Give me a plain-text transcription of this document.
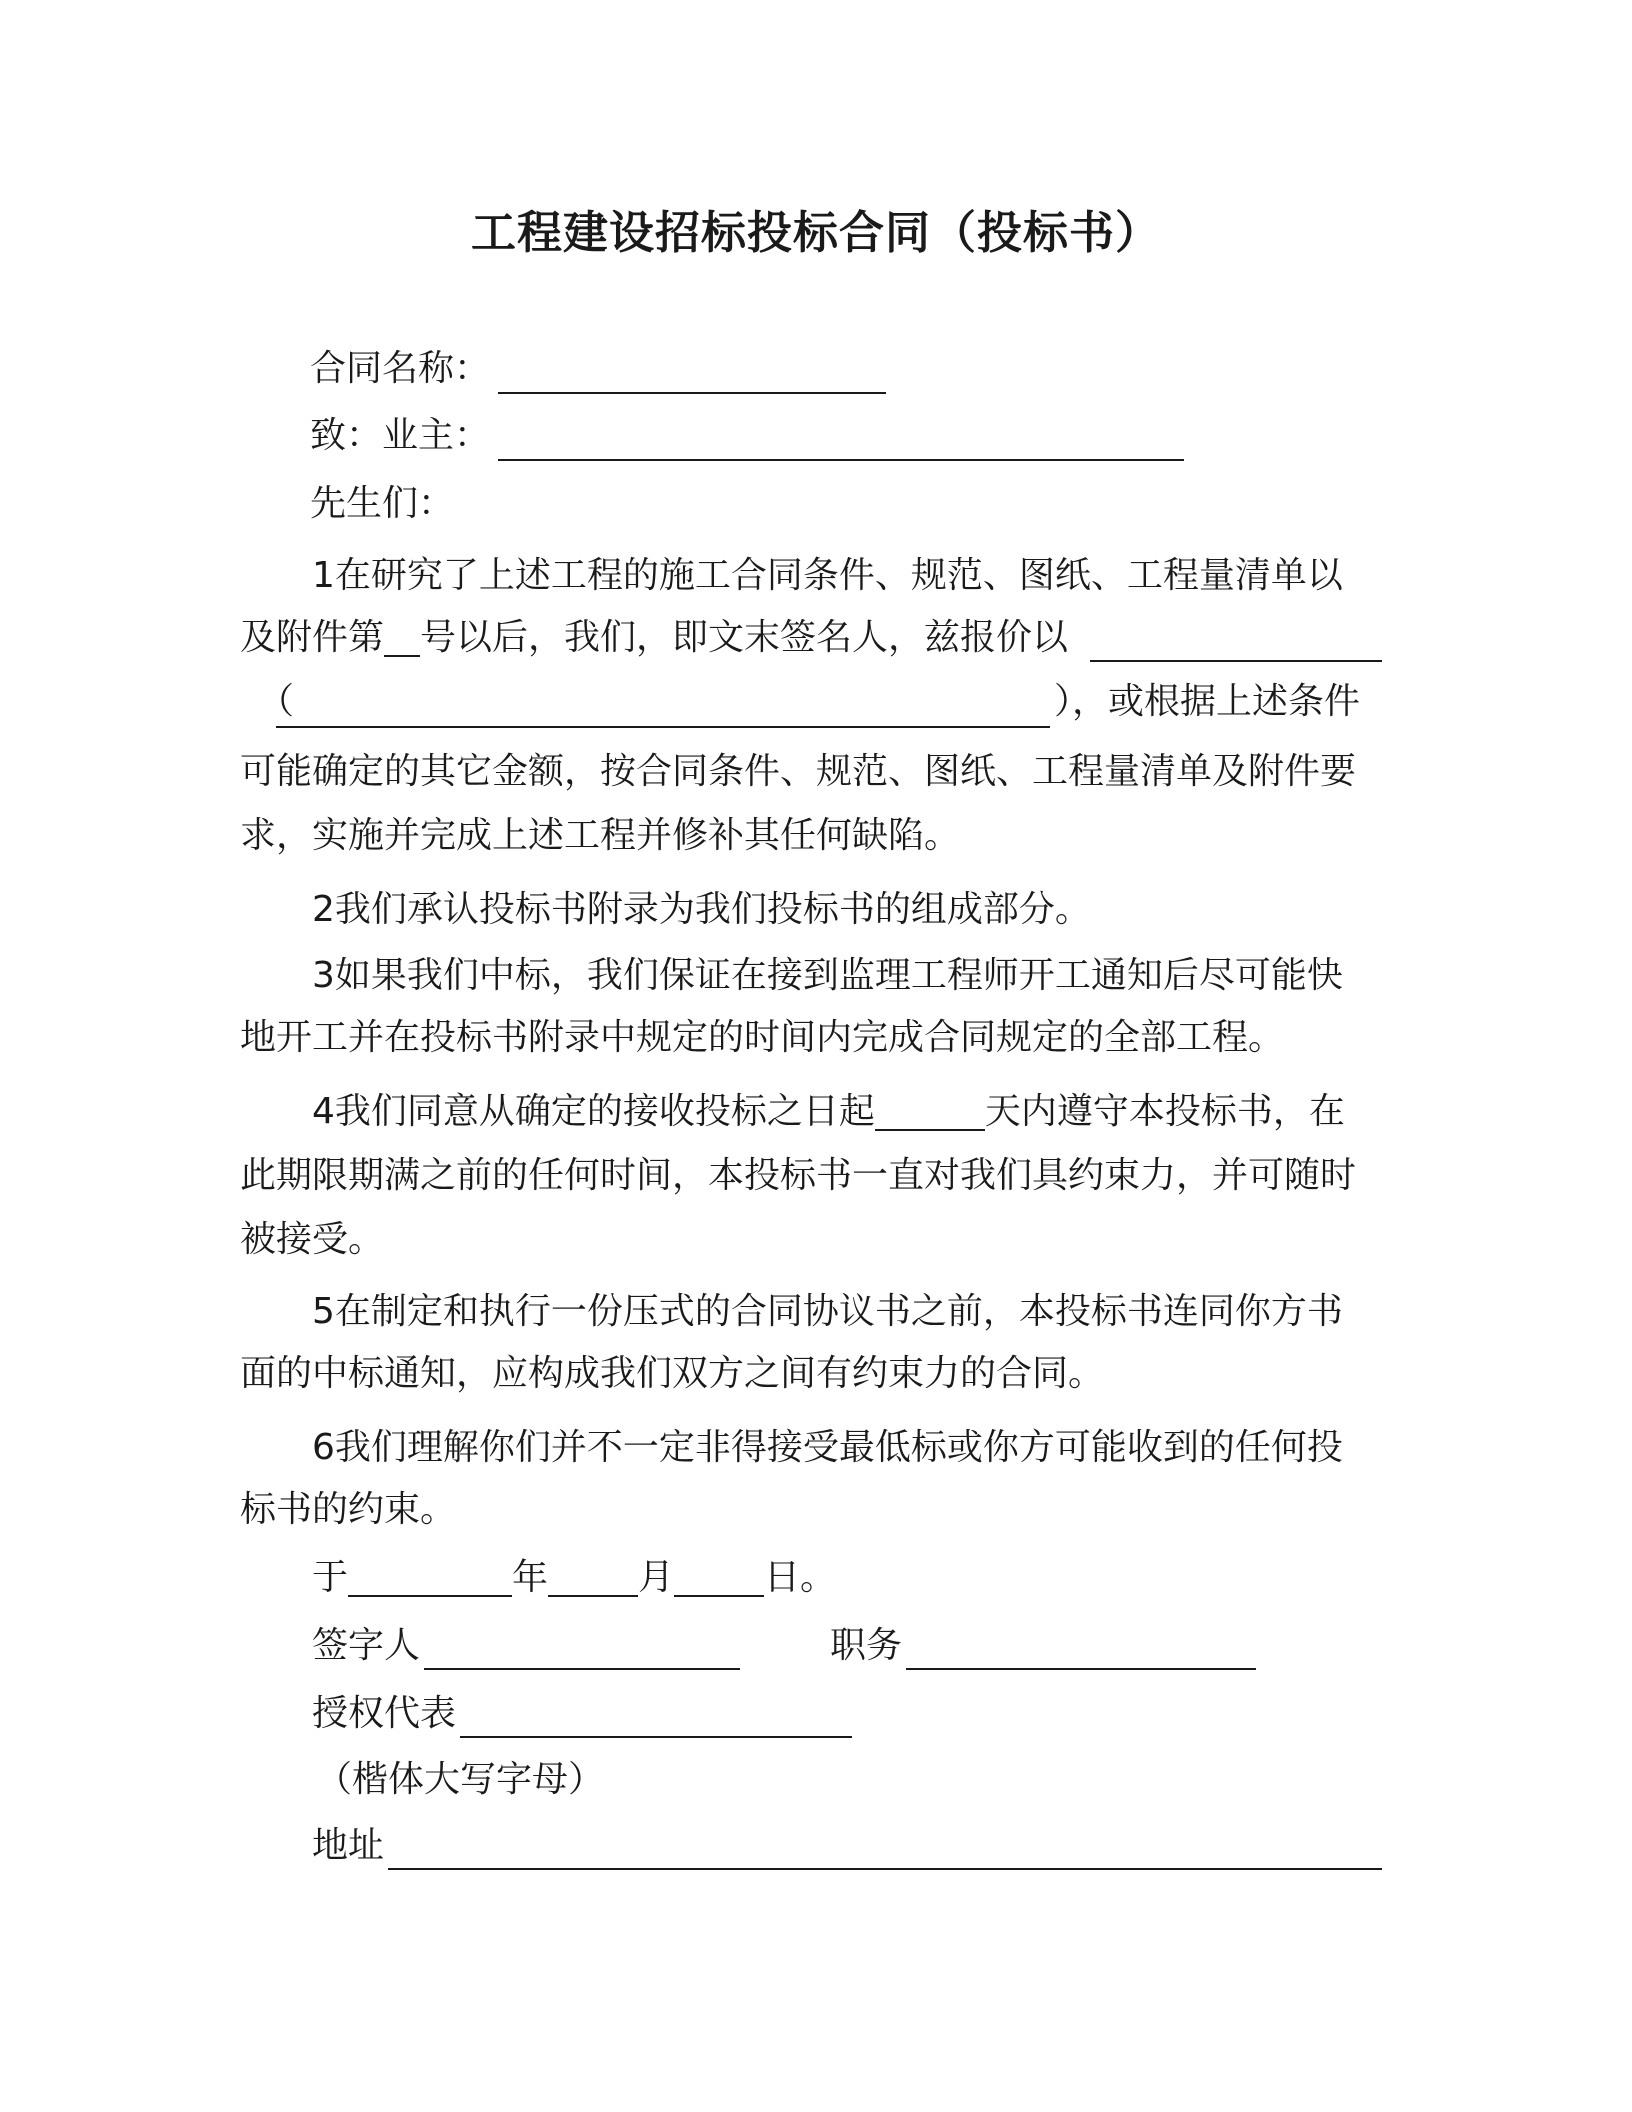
工程建设招标投标合同（投标书）
合同名称：
致：业主：
先生们：
1在研究了上述工程的施工合同条件、规范、图纸、工程量清单以
及附件第 号以后，我们，即文末签名人，兹报价以
（	），或根据上述条件
可能确定的其它金额，按合同条件、规范、图纸、工程量清单及附件要
求，实施并完成上述工程并修补其任何缺陷。
2我们承认投标书附录为我们投标书的组成部分。
3如果我们中标，我们保证在接到监理工程师开工通知后尽可能快
地开工并在投标书附录中规定的时间内完成合同规定的全部工程。
4我们同意从确定的接收投标之日起	天内遵守本投标书，在
此期限期满之前的任何时间，本投标书一直对我们具约束力，并可随时
被接受。
5在制定和执行一份压式的合同协议书之前，本投标书连同你方书
面的中标通知，应构成我们双方之间有约束力的合同。
6我们理解你们并不一定非得接受最低标或你方可能收到的任何投
标书的约束。
于	年	月	日。
签字人	职务
授权代表
（楷体大写字母）
地址
